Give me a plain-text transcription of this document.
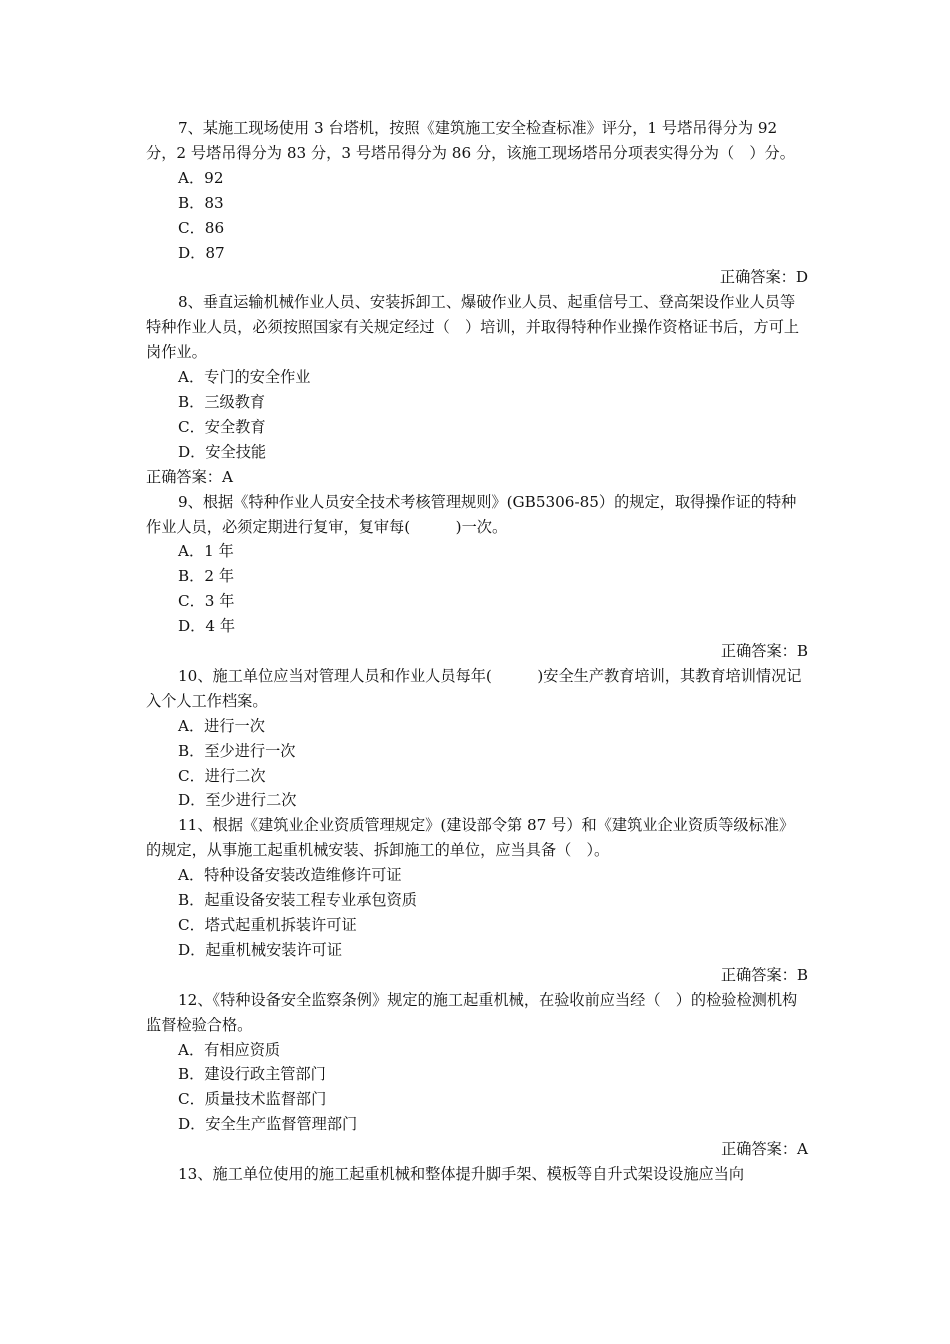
7、某施工现场使用 3 台塔机，按照《建筑施工安全检查标准》评分，1 号塔吊得分为 92 分，2 号塔吊得分为 83 分，3 号塔吊得分为 86 分，该施工现场塔吊分项表实得分为（　）分。

A．92

B．83

C．86

D．87

正确答案：D

8、垂直运输机械作业人员、安装拆卸工、爆破作业人员、起重信号工、登高架设作业人员等特种作业人员，必须按照国家有关规定经过（　）培训，并取得特种作业操作资格证书后，方可上岗作业。

A．专门的安全作业

B．三级教育

C．安全教育

D．安全技能

正确答案：A

9、根据《特种作业人员安全技术考核管理规则》(GB5306-85）的规定，取得操作证的特种作业人员，必须定期进行复审，复审每(　　　)一次。

A．1 年

B．2 年

C．3 年

D．4 年

正确答案：B

10、施工单位应当对管理人员和作业人员每年(　　　)安全生产教育培训，其教育培训情况记入个人工作档案。

A．进行一次

B．至少进行一次

C．进行二次

D．至少进行二次

11、根据《建筑业企业资质管理规定》(建设部令第 87 号）和《建筑业企业资质等级标准》的规定，从事施工起重机械安装、拆卸施工的单位，应当具备（　）。

A．特种设备安装改造维修许可证

B．起重设备安装工程专业承包资质

C．塔式起重机拆装许可证

D．起重机械安装许可证

正确答案：B

12、《特种设备安全监察条例》规定的施工起重机械，在验收前应当经（　）的检验检测机构监督检验合格。

A．有相应资质

B．建设行政主管部门

C．质量技术监督部门

D．安全生产监督管理部门

正确答案：A

13、施工单位使用的施工起重机械和整体提升脚手架、模板等自升式架设设施应当向
